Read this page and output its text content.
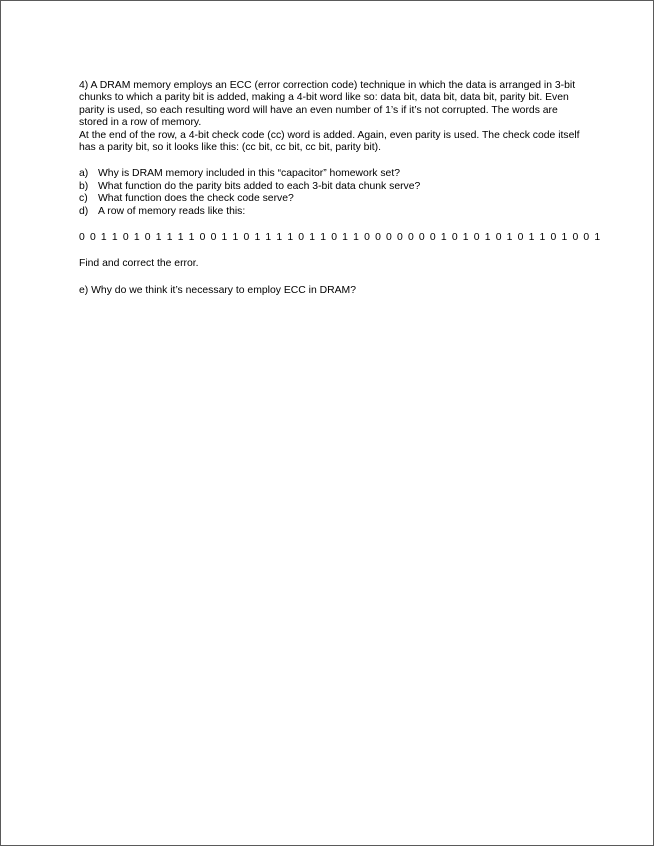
4) A DRAM memory employs an ECC (error correction code) technique in which the data is arranged in 3-bit chunks to which a parity bit is added, making a 4-bit word like so: data bit, data bit, data bit, parity bit. Even parity is used, so each resulting word will have an even number of 1’s if it’s not corrupted. The words are stored in a row of memory.

At the end of the row, a 4-bit check code (cc) word is added. Again, even parity is used. The check code itself has a parity bit, so it looks like this: (cc bit, cc bit, cc bit, parity bit).

a) Why is DRAM memory included in this “capacitor” homework set?
b) What function do the parity bits added to each 3-bit data chunk serve?
c) What function does the check code serve?
d) A row of memory reads like this:

0 0 1 1 0 1 0 1 1 1 1 0 0 1 1 0 1 1 1 1 0 1 1 0 1 1 0 0 0 0 0 0 0 1 0 1 0 1 0 1 0 1 1 0 1 0 0 1

Find and correct the error.

e) Why do we think it’s necessary to employ ECC in DRAM?
